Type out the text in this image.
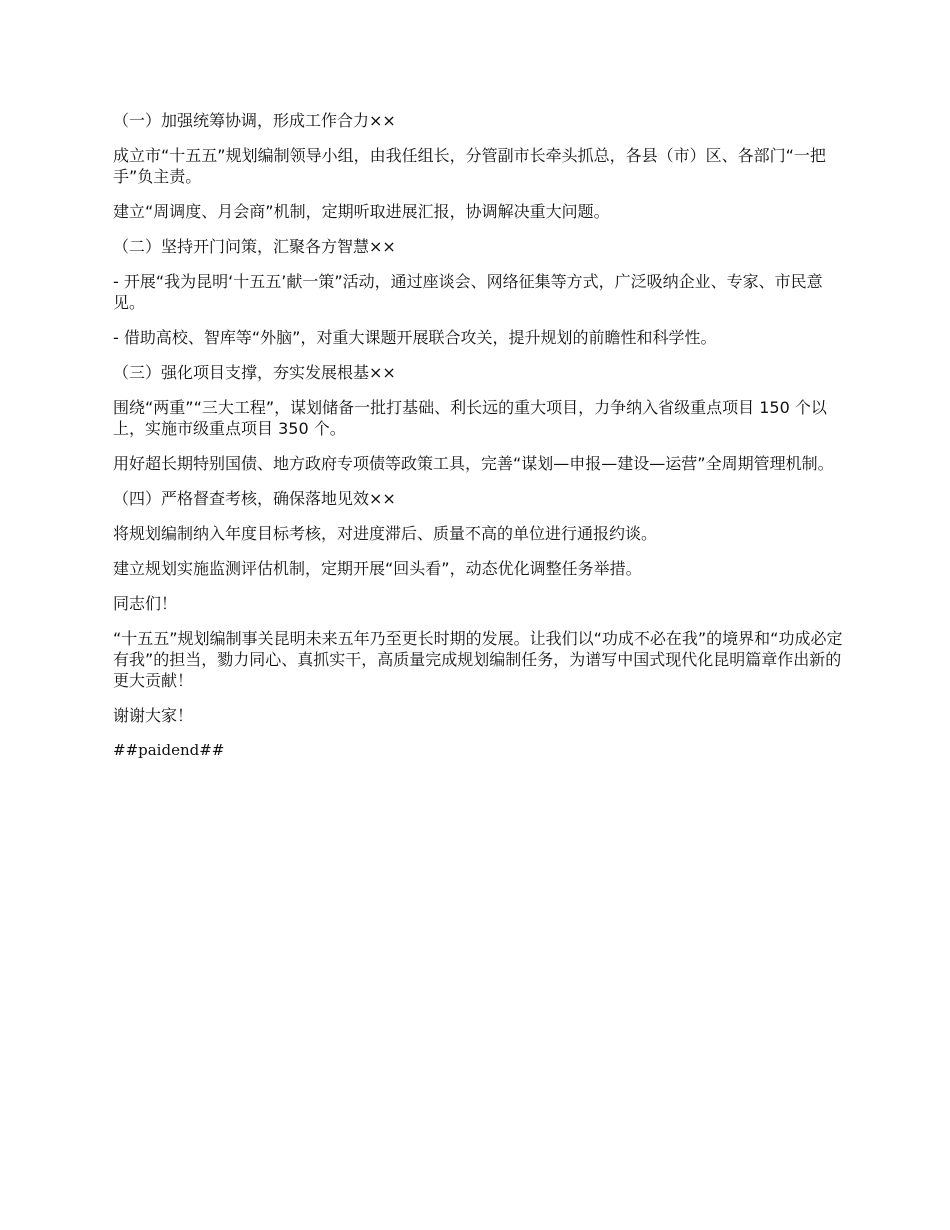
（一）加强统筹协调，形成工作合力××

成立市“十五五”规划编制领导小组，由我任组长，分管副市长牵头抓总，各县（市）区、各部门“一把手”负主责。

建立“周调度、月会商”机制，定期听取进展汇报，协调解决重大问题。

（二）坚持开门问策，汇聚各方智慧××

- 开展“我为昆明‘十五五’献一策”活动，通过座谈会、网络征集等方式，广泛吸纳企业、专家、市民意见。

- 借助高校、智库等“外脑”，对重大课题开展联合攻关，提升规划的前瞻性和科学性。

（三）强化项目支撑，夯实发展根基××

围绕“两重”“三大工程”，谋划储备一批打基础、利长远的重大项目，力争纳入省级重点项目 150 个以上，实施市级重点项目 350 个。

用好超长期特别国债、地方政府专项债等政策工具，完善“谋划—申报—建设—运营”全周期管理机制。

（四）严格督查考核，确保落地见效××

将规划编制纳入年度目标考核，对进度滞后、质量不高的单位进行通报约谈。

建立规划实施监测评估机制，定期开展“回头看”，动态优化调整任务举措。

同志们！

“十五五”规划编制事关昆明未来五年乃至更长时期的发展。让我们以“功成不必在我”的境界和“功成必定有我”的担当，勠力同心、真抓实干，高质量完成规划编制任务，为谱写中国式现代化昆明篇章作出新的更大贡献！

谢谢大家！

##paidend##
